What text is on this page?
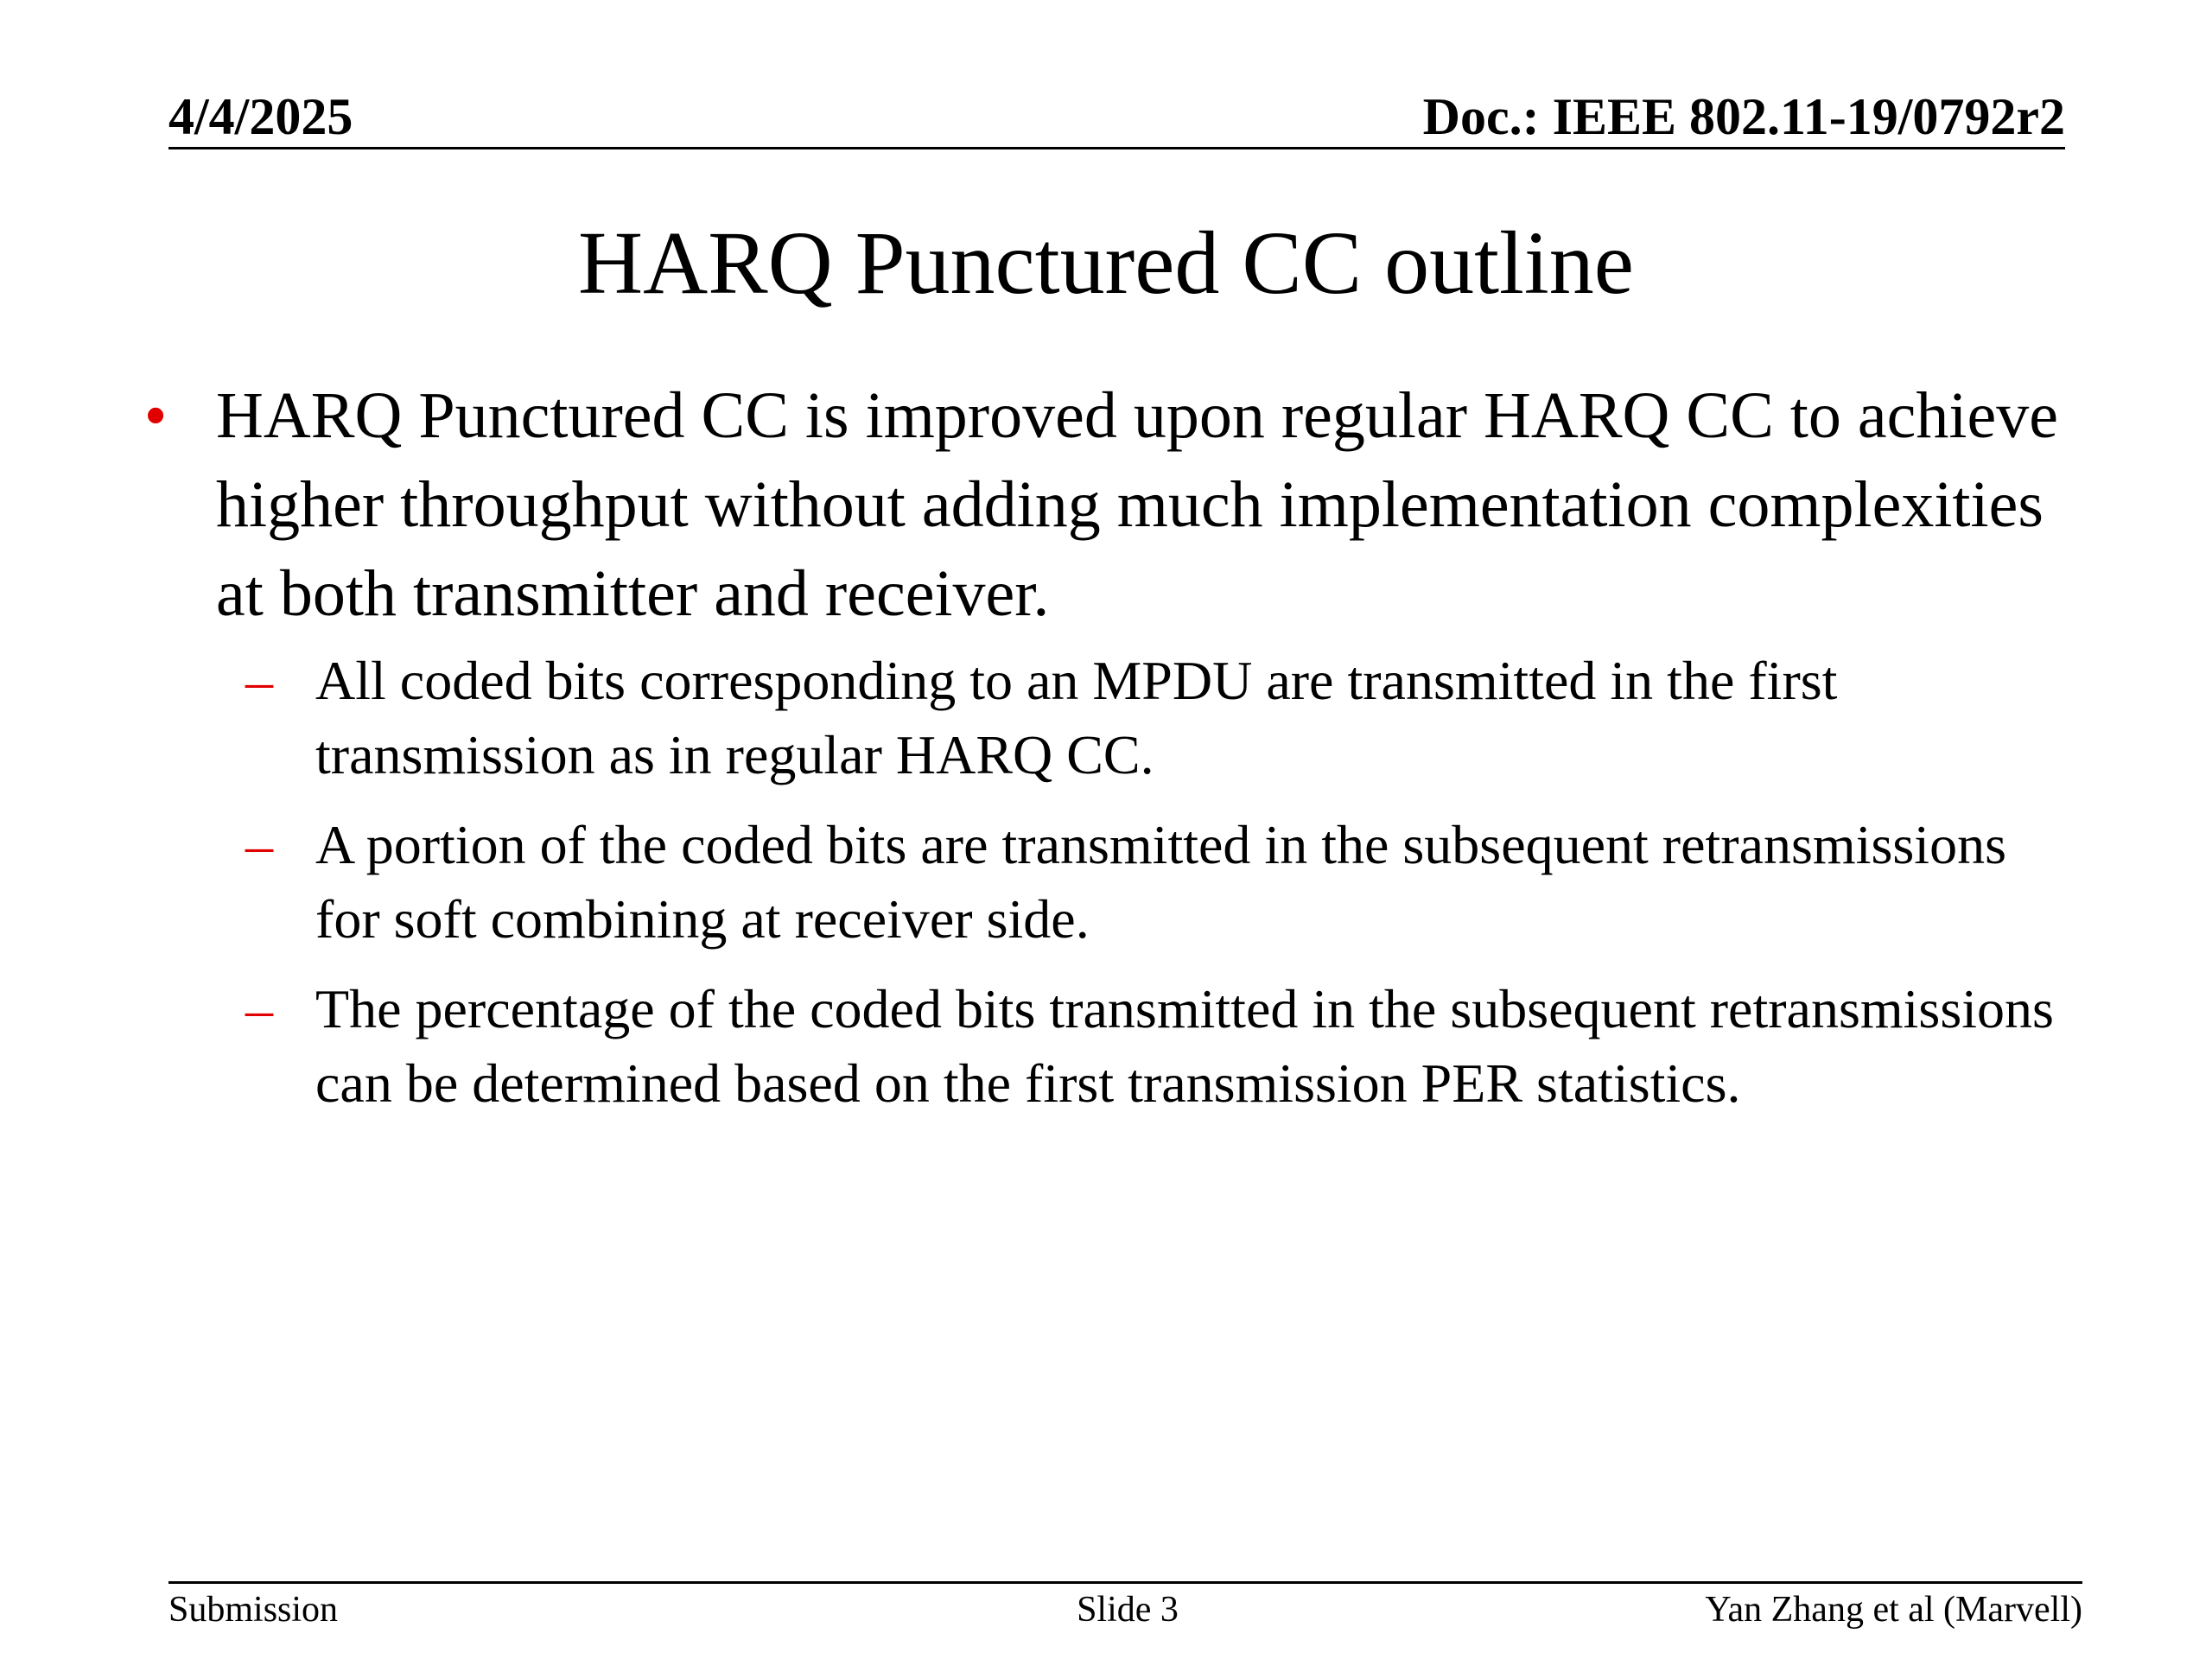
4/4/2025	Doc.: IEEE 802.11-19/0792r2
HARQ Punctured CC outline
• HARQ Punctured CC is improved upon regular HARQ CC to achieve higher throughput without adding much implementation complexities at both transmitter and receiver.
– All coded bits corresponding to an MPDU are transmitted in the first transmission as in regular HARQ CC.
– A portion of the coded bits are transmitted in the subsequent retransmissions for soft combining at receiver side.
– The percentage of the coded bits transmitted in the subsequent retransmissions can be determined based on the first transmission PER statistics.
Submission	Slide 3	Yan Zhang et al (Marvell)
